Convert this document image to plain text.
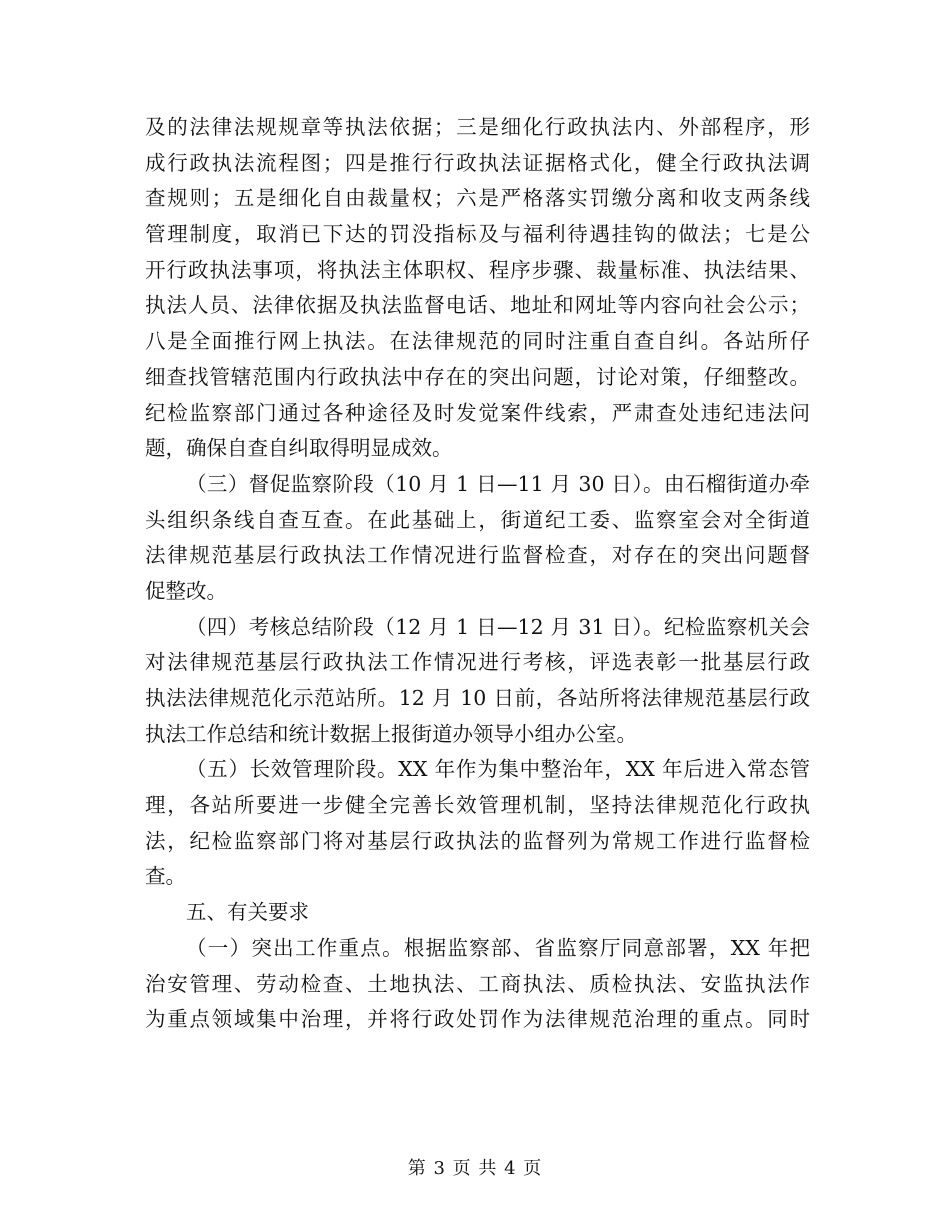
及的法律法规规章等执法依据；三是细化行政执法内、外部程序，形
成行政执法流程图；四是推行行政执法证据格式化，健全行政执法调
查规则；五是细化自由裁量权；六是严格落实罚缴分离和收支两条线
管理制度，取消已下达的罚没指标及与福利待遇挂钩的做法；七是公
开行政执法事项，将执法主体职权、程序步骤、裁量标准、执法结果、
执法人员、法律依据及执法监督电话、地址和网址等内容向社会公示；
八是全面推行网上执法。在法律规范的同时注重自查自纠。各站所仔
细查找管辖范围内行政执法中存在的突出问题，讨论对策，仔细整改。
纪检监察部门通过各种途径及时发觉案件线索，严肃查处违纪违法问
题，确保自查自纠取得明显成效。
（三）督促监察阶段（10 月 1 日—11 月 30 日）。由石榴街道办牵
头组织条线自查互查。在此基础上，街道纪工委、监察室会对全街道
法律规范基层行政执法工作情况进行监督检查，对存在的突出问题督
促整改。
（四）考核总结阶段（12 月 1 日—12 月 31 日）。纪检监察机关会
对法律规范基层行政执法工作情况进行考核，评选表彰一批基层行政
执法法律规范化示范站所。12 月 10 日前，各站所将法律规范基层行政
执法工作总结和统计数据上报街道办领导小组办公室。
（五）长效管理阶段。XX 年作为集中整治年，XX 年后进入常态管
理，各站所要进一步健全完善长效管理机制，坚持法律规范化行政执
法，纪检监察部门将对基层行政执法的监督列为常规工作进行监督检
查。
五、有关要求
（一）突出工作重点。根据监察部、省监察厅同意部署，XX 年把
治安管理、劳动检查、土地执法、工商执法、质检执法、安监执法作
为重点领域集中治理，并将行政处罚作为法律规范治理的重点。同时
第 3 页 共 4 页
